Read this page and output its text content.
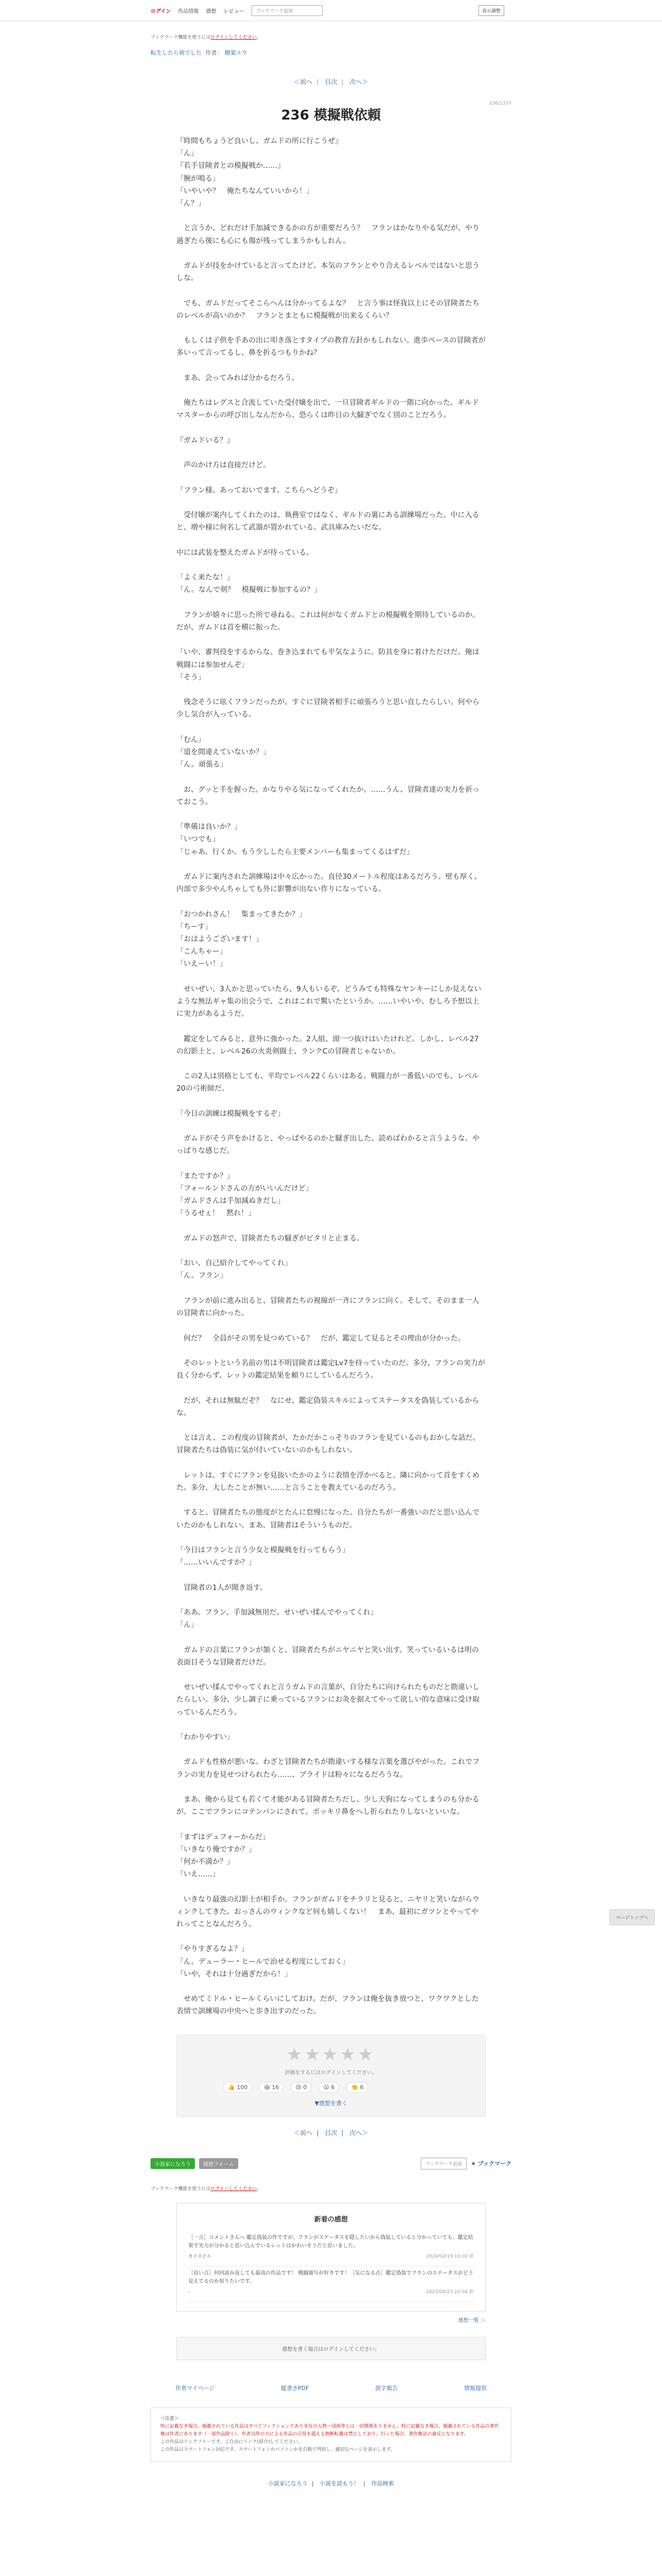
ログイン 作品情報 感想 レビュー	ブックマーク追加	表示調整
ブックマーク機能を使うにはログインしてください。
転生したら剣でした 作者： 棚架ユウ
＜前へ | 目次 | 次へ＞
236/1337
236 模擬戦依頼

『時間もちょうど良いし、ガムドの所に行こうぜ』
「ん」
『若手冒険者との模擬戦か……』
「腕が鳴る」
「いやいや？　俺たちなんていいから！」
「ん？」

　と言うか、どれだけ手加減できるかの方が重要だろう？　フランはかなりやる気だが、やり過ぎたら後にも心にも傷が残ってしまうかもしれん。

　ガムドが技をかけていると言ってたけど、本気のフランとやり合えるレベルではないと思うしな。

　でも、ガムドだってそこらへんは分かってるよな？　と言う事は怪我以上にその冒険者たちのレベルが高いのか？　フランとまともに模擬戦が出来るくらい？

　もしくは子供を手あの出に叩き落とすタイプの教育方針かもしれない。進歩ペースの冒険者が多いって言ってるし、鼻を折るつもりかね？

　まあ、会ってみれば分かるだろう。

　俺たちはレグスと合流していた受付嬢を出で、一旦冒険者ギルドの一階に向かった。ギルドマスターからの呼び出しなんだから、恐らくは昨日の大騒ぎでなく別のことだろう。

『ガムドいる？』

　声のかけ方は直接だけど。

「フラン様。あっておいでます。こちらへどうぞ」

　受付嬢が案内してくれたのは、執務室ではなく、ギルドの裏にある訓練場だった。中に入ると、増や様に何名して武器が置かれている。武具庫みたいだな。

中には武装を整えたガムドが待っている。

「よく来たな！」
「ん。なんで剣？　模擬戦に参加するの？」

　フランが嬉々に思った所で尋ねる。これは何がなくガムドとの模擬戦を期待しているのか。だが、ガムドは首を横に振った。

「いや、審判役をするからな。巻き込まれても平気なように。防具を身に着けただけだ。俺は戦闘には参加せんぞ」
「そう」

　残念そうに呟くフランだったが、すぐに冒険者相手に頑張ろうと思い直したらしい。何やら少し気合が入っている。

「むん」
「道を間違えていないか？」
「ん。頑張る」

　お、グッと手を握った。かなりやる気になってくれたか。……うん、冒険者達の実力を祈っておこう。

「準備は良いか？」
「いつでも」
「じゃあ、行くか。もう少ししたら主要メンバーも集まってくるはずだ」

　ガムドに案内された訓練場は中々広かった。直径30メートル程度はあるだろう。壁も厚く、内部で多少やんちゃしても外に影響が出ない作りになっている。

「おつかれさん！　集まってきたか？」
「ちーす」
「おはようございます！」
「こんちゃー」
「いえーい！」

　せいぜい、3人かと思っていたら、9人もいるぞ。どうみても特殊なヤンキーにしか見えないような無法ギャ集の出会うで、これはこれで驚いたというか。……いやいや、むしろ予想以上に実力があるようだ。

　鑑定をしてみると、意外に強かった。2人組、頭一つ抜けはいたけれど。しかし、レベル27の幻影士と、レベル26の火炎剣闘士、ランクCの冒険者じゃないか。

　この2人は別格としても、平均でレベル22くらいはある。戦闘力が一番低いのでも、レベル20の弓術師だ。

「今日の訓練は模擬戦をするぞ」

　ガムドがそう声をかけると、やっぱやるのかと騒ぎ出した。読めばわかると言うような、やっぱりな感じだ。

「またですか？」
「フォールンドさんの方がいいんだけど」
「ガムドさんは手加減ぬきだし」
「うるせぇ！　黙れ！」

　ガムドの怒声で、冒険者たちの騒ぎがピタリと止まる。

「おい、自己紹介してやってくれ」
「ん。フラン」

　フランが前に進み出ると、冒険者たちの視線が一斉にフランに向く。そして、そのまま一人の冒険者に向かった。

　何だ？　全員がその男を見つめている？　だが、鑑定して見るとその理由が分かった。

　そのレットという名前の男は不明冒険者は鑑定Lv7を持っていたのだ。多分、フランの実力が良く分からず、レットの鑑定結果を頼りにしているんだろう。

　だが、それは無駄だぞ？　なにせ、鑑定偽装スキルによってステータスを偽装しているからな。

　とは言え、この程度の冒険者が、たかだかこっそりのフランを見ているのもおかしな話だ。冒険者たちは偽装に気が付いていないのかもしれない。

　レットは、すぐにフランを見抜いたかのように表情を浮かべると、隣に向かって首をすくめた。多分、大したことが無い……と言うことを教えているのだろう。

　すると、冒険者たちの態度がとたんに怠慢になった。自分たちが一番強いのだと思い込んでいたのかもしれない。まあ、冒険者はそういうものだ。

「今日はフランと言う少女と模擬戦を行ってもらう」
「……いいんですか？」

　冒険者の1人が聞き返す。

「ああ。フラン、手加減無用だ。せいぜい揉んでやってくれ」
「ん」

　ガムドの言葉にフランが頷くと、冒険者たちがニヤニヤと笑い出す。笑っているいるは明の表面目そうな冒険者だけだ。

　せいぜい揉んでやってくれと言うガムドの言葉が、自分たちに向けられたものだと勘違いしたらしい。多分、少し調子に乗っているフランにお灸を据えてやって欲しい的な意味に受け取っているんだろう。

「わかりやすい」

　ガムドも性格が悪いな。わざと冒険者たちが勘違いする様な言葉を選びやがった。これでフランの実力を見せつけられたら……、プライドは粉々になるだろうな。

　まあ、俺から見ても若くて才能がある冒険者たちだし、少し天狗になってしまうのも分かるが。ここでフランにコテンパンにされて、ポッキリ鼻をへし折られたりしないといいな。

「まずはデュフォーからだ」
「いきなり俺ですか？」
「何か不満か？」
「いえ……」

　いきなり最強の幻影士が相手か。フランがガムドをチラリと見ると、ニヤリと笑いながらウィンクしてきた。おっさんのウィンクなど何も嬉しくない！　まあ、最初にガツンとやってやれってことなんだろう。

「やりすぎるなよ？」
「ん。デューラー・ヒールで治せる程度にしておく」
「いや、それは十分過ぎだから！」

　せめてミドル・ヒールくらいにしておけ。だが、フランは俺を抜き放つと、ワクワクとした表情で訓練場の中央へと歩き出すのだった。

ページトップへ
★★★★★
評価をするにはログインしてください。
👍 100	😆 16	😢 0	😮 6	👏 6
▼感想を書く
＜前へ | 目次 | 次へ＞
小説家になろう	感想フォーム	ブックマーク追加	★ ブックマーク
ブックマーク機能を使うにはログインしてください。
新着の感想
［一言］コメントさんへ 鑑定偽装の件ですが、フランがステータスを隠したいから偽装していると分かっていても、鑑定結果で実力が分かると思い込んでいるレットはかわいそうだと思いました。
カリスピエ	2024/02/19 10:02 新
［良い点］何回読み返しても最高の作品です！ 戦闘描写が好きです！［気になる点］鑑定偽装でフランのステータスがどう見えてるのか知りたいです。
-	2023/08/23 22:04 新
感想一覧 ＞
感想を書く場合はログインしてください。
作者マイページ	縦書きPDF	誤字報告	情報提供
＜注意＞
特に記載なき場合、掲載されている作品はすべてフィクションであり実在の人物・団体等とは一切関係ありません。特に記載なき場合、掲載されている作品の著作権は作者にあります（一部作品除く）。作者以外の方による作品の引用を超える無断転載は禁止しており、行った場合、著作権法の違反となります。
この作品はリンクフリーです。ご自由にリンク(紹介)してください。
この作品はスマートフォン対応です。スマートフォンかパソコンかを自動で判別し、適切なページを表示します。
小説家になろう | 小説を読もう！ | 作品検索
